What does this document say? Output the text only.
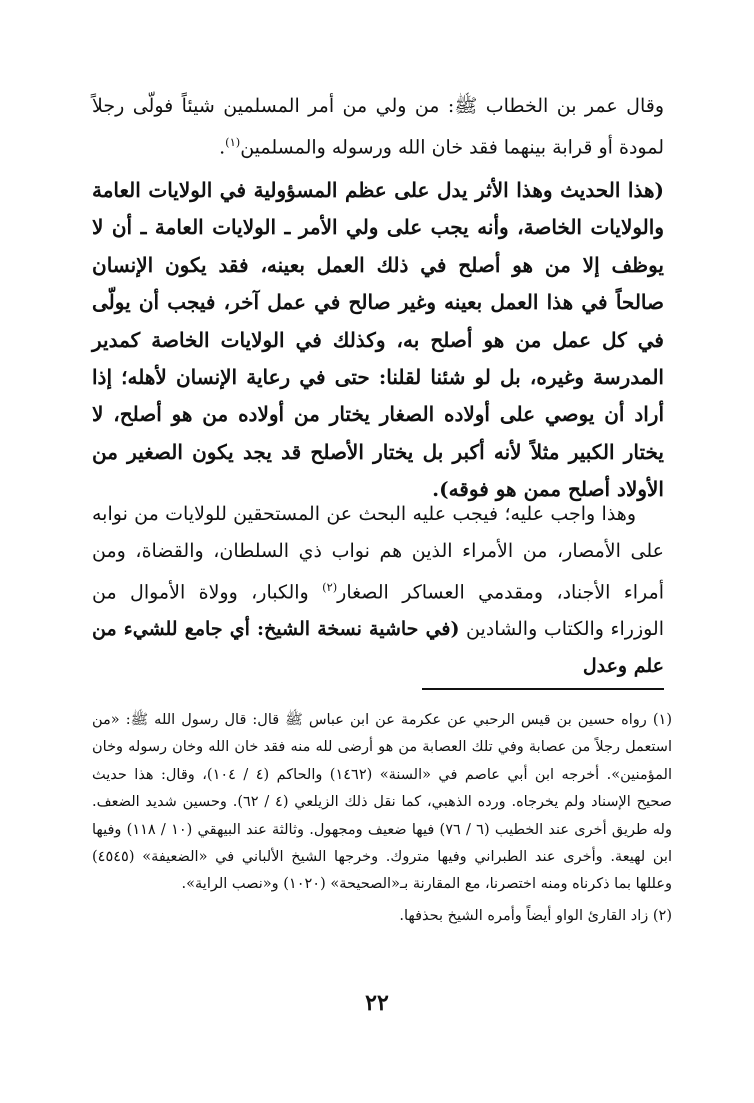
وقال عمر بن الخطاب ﷺ: من ولي من أمر المسلمين شيئاً فولّى رجلاً لمودة أو قرابة بينهما فقد خان الله ورسوله والمسلمين$^{(١)}$.

(هذا الحديث وهذا الأثر يدل على عظم المسؤولية في الولايات العامة والولايات الخاصة، وأنه يجب على ولي الأمر ـ الولايات العامة ـ أن لا يوظف إلا من هو أصلح في ذلك العمل بعينه، فقد يكون الإنسان صالحاً في هذا العمل بعينه وغير صالح في عمل آخر، فيجب أن يولّى في كل عمل من هو أصلح به، وكذلك في الولايات الخاصة كمدير المدرسة وغيره، بل لو شئنا لقلنا: حتى في رعاية الإنسان لأهله؛ إذا أراد أن يوصي على أولاده الصغار يختار من أولاده من هو أصلح، لا يختار الكبير مثلاً لأنه أكبر بل يختار الأصلح قد يجد يكون الصغير من الأولاد أصلح ممن هو فوقه).

وهذا واجب عليه؛ فيجب عليه البحث عن المستحقين للولايات من نوابه على الأمصار، من الأمراء الذين هم نواب ذي السلطان، والقضاة، ومن أمراء الأجناد، ومقدمي العساكر الصغار$^{(٢)}$ والكبار، وولاة الأموال من الوزراء والكتاب والشادين (في حاشية نسخة الشيخ: أي جامع للشيء من علم وعدل

(١) رواه حسين بن قيس الرحبي عن عكرمة عن ابن عباس ﷺ قال: قال رسول الله ﷺ: «من استعمل رجلاً من عصابة وفي تلك العصابة من هو أرضى لله منه فقد خان الله وخان رسوله وخان المؤمنين». أخرجه ابن أبي عاصم في «السنة» (١٤٦٢) والحاكم (٤ / ١٠٤)، وقال: هذا حديث صحيح الإسناد ولم يخرجاه. ورده الذهبي، كما نقل ذلك الزيلعي (٤ / ٦٢). وحسين شديد الضعف. وله طريق أخرى عند الخطيب (٦ / ٧٦) فيها ضعيف ومجهول. وثالثة عند البيهقي (١٠ / ١١٨) وفيها ابن لهيعة. وأخرى عند الطبراني وفيها متروك. وخرجها الشيخ الألباني في «الضعيفة» (٤٥٤٥) وعللها بما ذكرناه ومنه اختصرنا، مع المقارنة بـ«الصحيحة» (١٠٢٠) و«نصب الراية».

(٢) زاد القارئ الواو أيضاً وأمره الشيخ بحذفها.

٢٢
